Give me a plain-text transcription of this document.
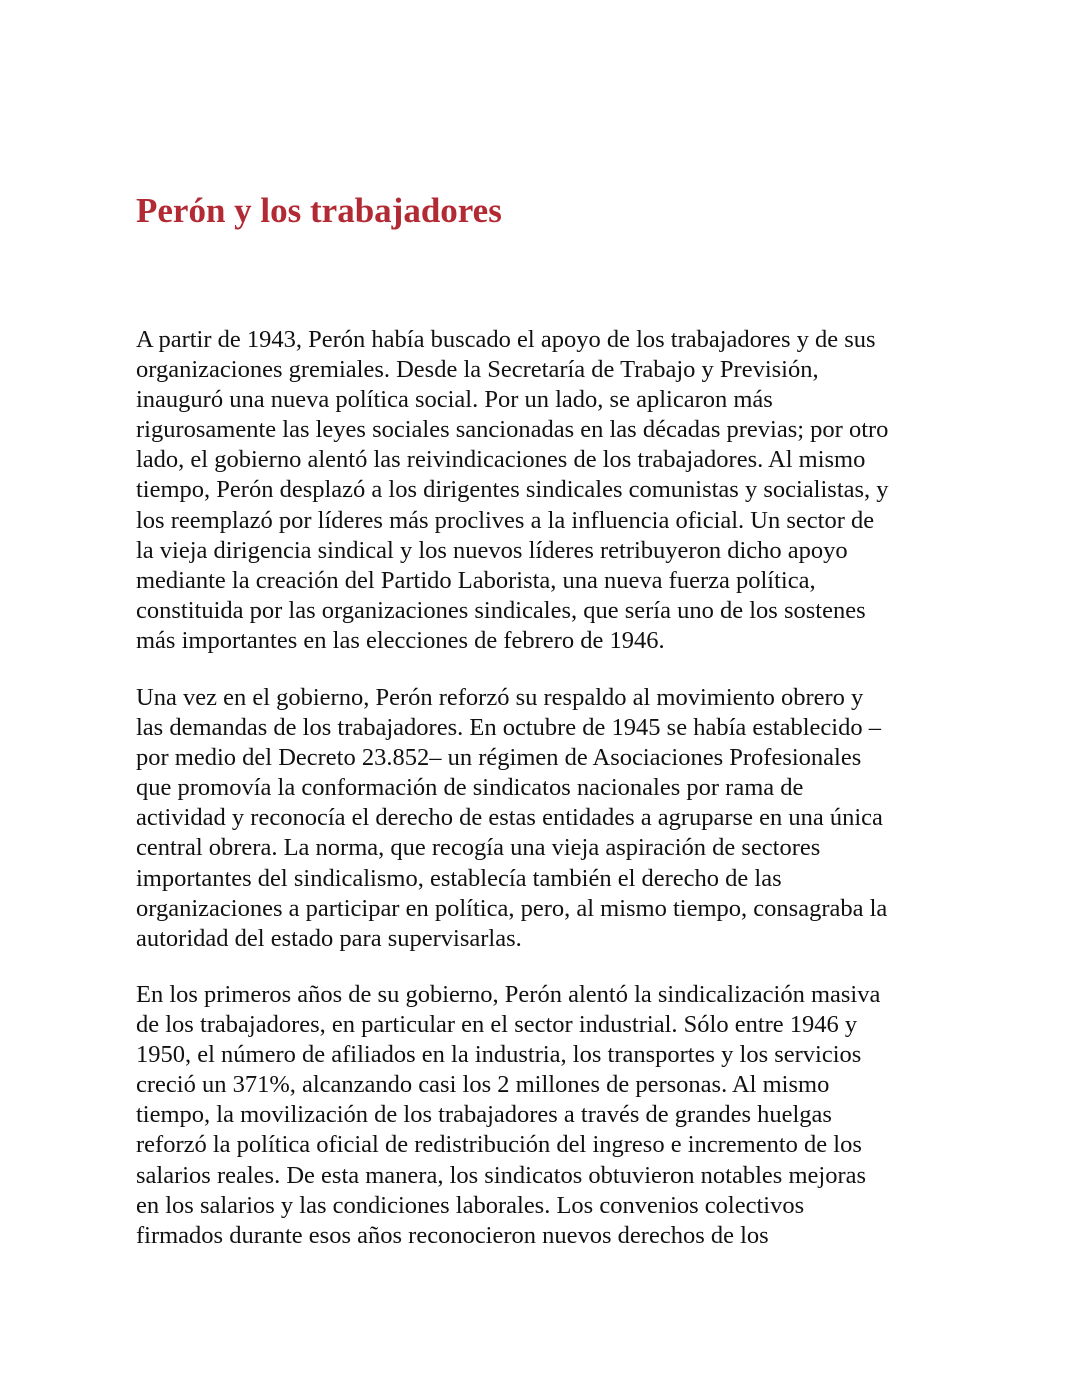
Perón y los trabajadores

A partir de 1943, Perón había buscado el apoyo de los trabajadores y de sus
organizaciones gremiales. Desde la Secretaría de Trabajo y Previsión,
inauguró una nueva política social. Por un lado, se aplicaron más
rigurosamente las leyes sociales sancionadas en las décadas previas; por otro
lado, el gobierno alentó las reivindicaciones de los trabajadores. Al mismo
tiempo, Perón desplazó a los dirigentes sindicales comunistas y socialistas, y
los reemplazó por líderes más proclives a la influencia oficial. Un sector de
la vieja dirigencia sindical y los nuevos líderes retribuyeron dicho apoyo
mediante la creación del Partido Laborista, una nueva fuerza política,
constituida por las organizaciones sindicales, que sería uno de los sostenes
más importantes en las elecciones de febrero de 1946.

Una vez en el gobierno, Perón reforzó su respaldo al movimiento obrero y
las demandas de los trabajadores. En octubre de 1945 se había establecido –
por medio del Decreto 23.852– un régimen de Asociaciones Profesionales
que promovía la conformación de sindicatos nacionales por rama de
actividad y reconocía el derecho de estas entidades a agruparse en una única
central obrera. La norma, que recogía una vieja aspiración de sectores
importantes del sindicalismo, establecía también el derecho de las
organizaciones a participar en política, pero, al mismo tiempo, consagraba la
autoridad del estado para supervisarlas.

En los primeros años de su gobierno, Perón alentó la sindicalización masiva
de los trabajadores, en particular en el sector industrial. Sólo entre 1946 y
1950, el número de afiliados en la industria, los transportes y los servicios
creció un 371%, alcanzando casi los 2 millones de personas. Al mismo
tiempo, la movilización de los trabajadores a través de grandes huelgas
reforzó la política oficial de redistribución del ingreso e incremento de los
salarios reales. De esta manera, los sindicatos obtuvieron notables mejoras
en los salarios y las condiciones laborales. Los convenios colectivos
firmados durante esos años reconocieron nuevos derechos de los
